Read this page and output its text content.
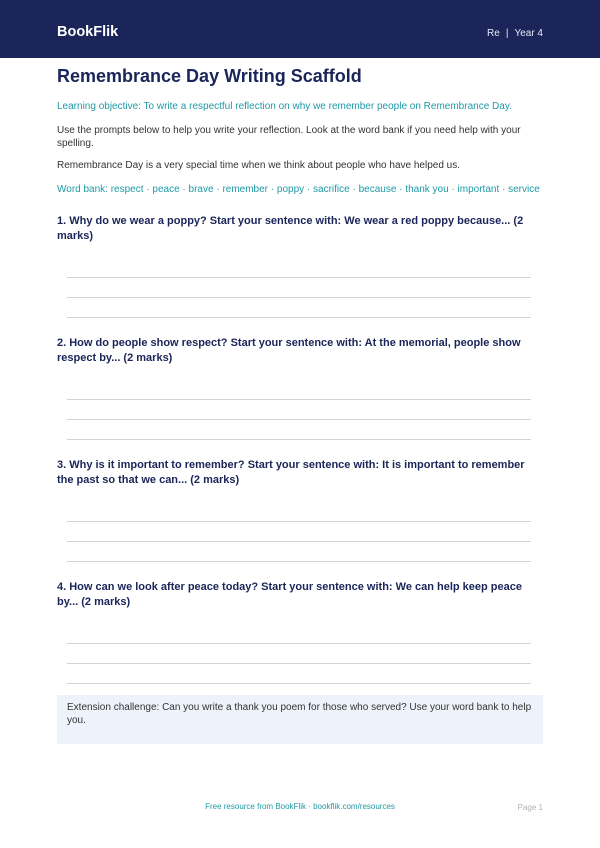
BookFlik	Re | Year 4
Remembrance Day Writing Scaffold
Learning objective: To write a respectful reflection on why we remember people on Remembrance Day.
Use the prompts below to help you write your reflection. Look at the word bank if you need help with your spelling.
Remembrance Day is a very special time when we think about people who have helped us.
Word bank: respect · peace · brave · remember · poppy · sacrifice · because · thank you · important · service
1. Why do we wear a poppy? Start your sentence with: We wear a red poppy because... (2 marks)
2. How do people show respect? Start your sentence with: At the memorial, people show respect by... (2 marks)
3. Why is it important to remember? Start your sentence with: It is important to remember the past so that we can... (2 marks)
4. How can we look after peace today? Start your sentence with: We can help keep peace by... (2 marks)
Extension challenge: Can you write a thank you poem for those who served? Use your word bank to help you.
Free resource from BookFlik · bookflik.com/resources	Page 1
